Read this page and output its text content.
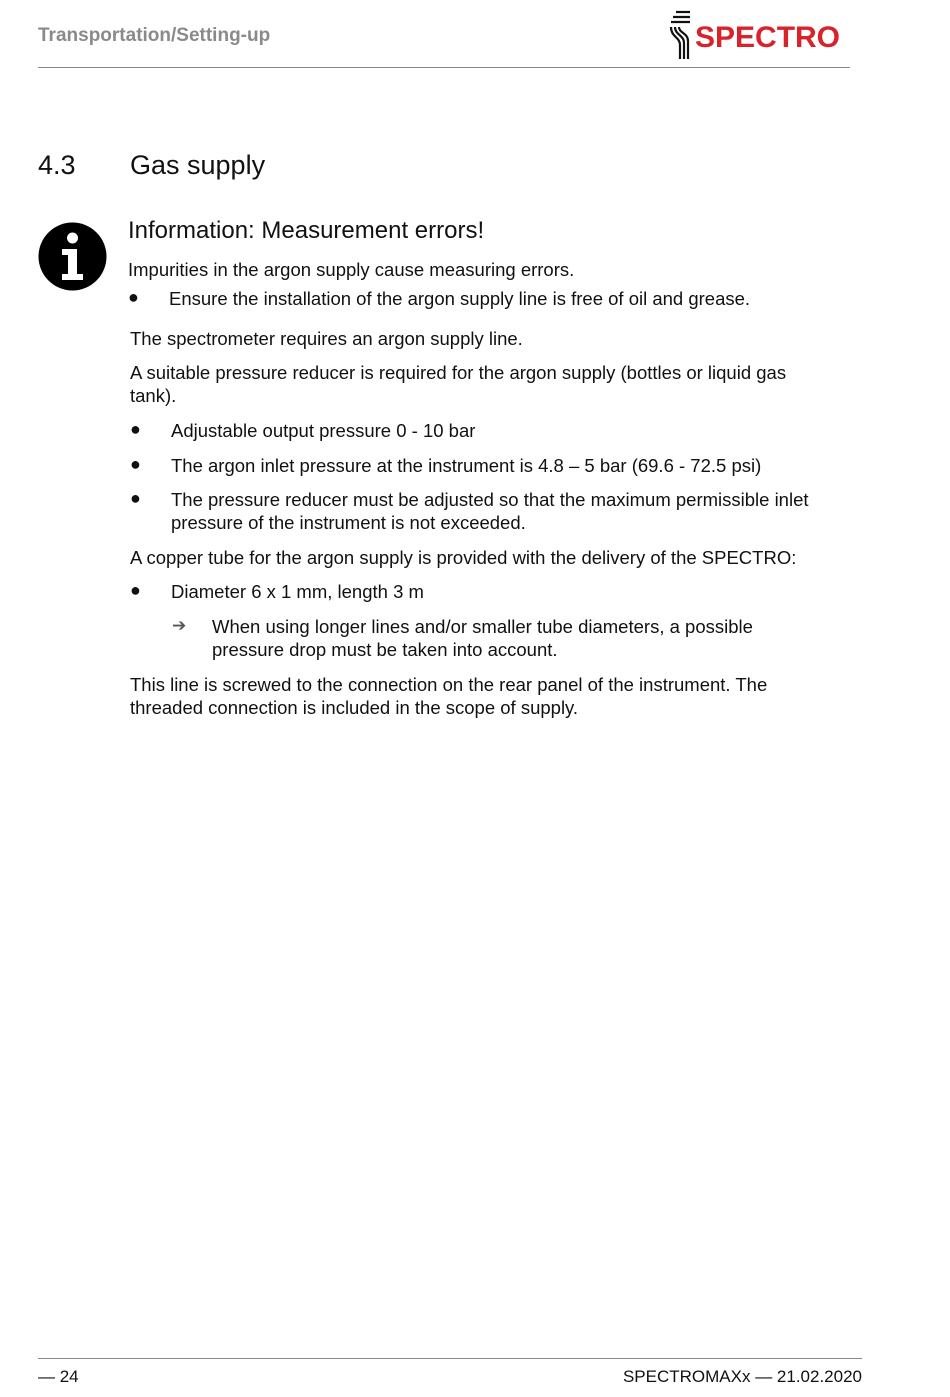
Transportation/Setting-up	SPECTRO
4.3 Gas supply
Information: Measurement errors!
Impurities in the argon supply cause measuring errors.
● Ensure the installation of the argon supply line is free of oil and grease.
The spectrometer requires an argon supply line.
A suitable pressure reducer is required for the argon supply (bottles or liquid gas
tank).
● Adjustable output pressure 0 - 10 bar
● The argon inlet pressure at the instrument is 4.8 – 5 bar (69.6 - 72.5 psi)
● The pressure reducer must be adjusted so that the maximum permissible inlet
pressure of the instrument is not exceeded.
A copper tube for the argon supply is provided with the delivery of the SPECTRO:
● Diameter 6 x 1 mm, length 3 m
➔ When using longer lines and/or smaller tube diameters, a possible
pressure drop must be taken into account.
This line is screwed to the connection on the rear panel of the instrument. The
threaded connection is included in the scope of supply.
— 24	SPECTROMAXx — 21.02.2020
